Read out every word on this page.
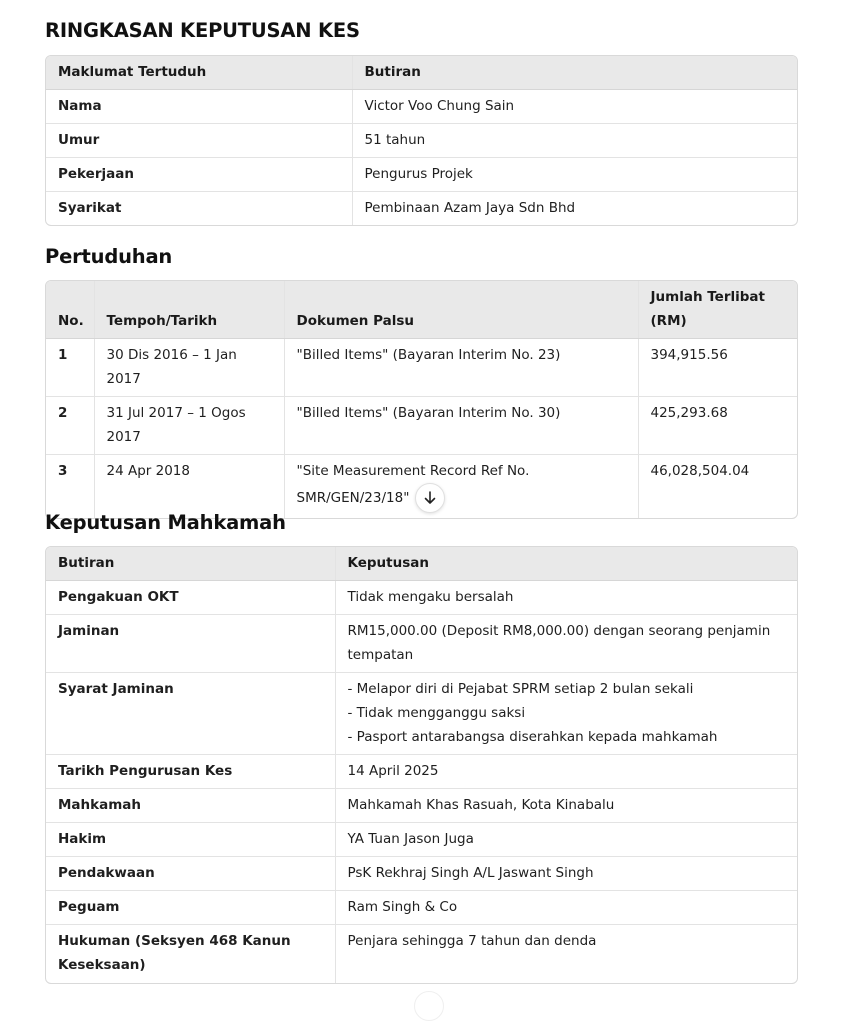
RINGKASAN KEPUTUSAN KES
Maklumat Tertuduh	Butiran
Nama	Victor Voo Chung Sain
Umur	51 tahun
Pekerjaan	Pengurus Projek
Syarikat	Pembinaan Azam Jaya Sdn Bhd
Pertuduhan
No.	Tempoh/Tarikh	Dokumen Palsu	Jumlah Terlibat (RM)
1	30 Dis 2016 – 1 Jan 2017	"Billed Items" (Bayaran Interim No. 23)	394,915.56
2	31 Jul 2017 – 1 Ogos 2017	"Billed Items" (Bayaran Interim No. 30)	425,293.68
3	24 Apr 2018	"Site Measurement Record Ref No. SMR/GEN/23/18"	46,028,504.04
Keputusan Mahkamah
Butiran	Keputusan
Pengakuan OKT	Tidak mengaku bersalah
Jaminan	RM15,000.00 (Deposit RM8,000.00) dengan seorang penjamin tempatan
Syarat Jaminan	- Melapor diri di Pejabat SPRM setiap 2 bulan sekali
- Tidak mengganggu saksi
- Pasport antarabangsa diserahkan kepada mahkamah

Tarikh Pengurusan Kes	14 April 2025
Mahkamah	Mahkamah Khas Rasuah, Kota Kinabalu
Hakim	YA Tuan Jason Juga
Pendakwaan	PsK Rekhraj Singh A/L Jaswant Singh
Peguam	Ram Singh & Co
Hukuman (Seksyen 468 Kanun Keseksaan)	Penjara sehingga 7 tahun dan denda
